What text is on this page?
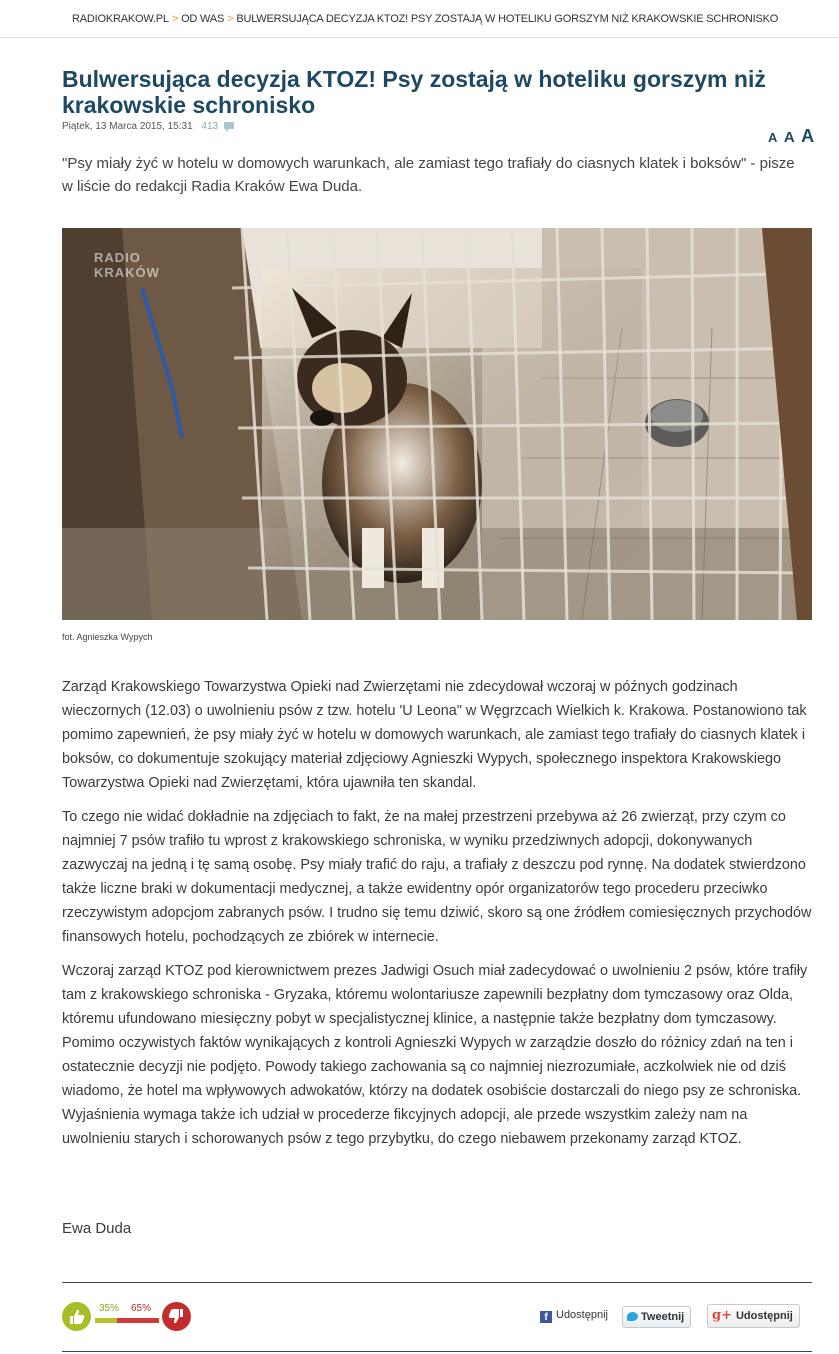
RADIOKRAKOW.PL > OD WAS > BULWERSUJĄCA DECYZJA KTOZ! PSY ZOSTAJĄ W HOTELIKU GORSZYM NIŻ KRAKOWSKIE SCHRONISKO
Bulwersująca decyzja KTOZ! Psy zostają w hoteliku gorszym niż krakowskie schronisko
Piątek, 13 Marca 2015, 15:31 413
A A A

"Psy miały żyć w hotelu w domowych warunkach, ale zamiast tego trafiały do ciasnych klatek i boksów" - pisze w liście do redakcji Radia Kraków Ewa Duda.

RADIO
KRAKÓW
fot. Agnieszka Wypych

Zarząd Krakowskiego Towarzystwa Opieki nad Zwierzętami nie zdecydował wczoraj w późnych godzinach wieczornych (12.03) o uwolnieniu psów z tzw. hotelu 'U Leona" w Węgrzcach Wielkich k. Krakowa. Postanowiono tak pomimo zapewnień, że psy miały żyć w hotelu w domowych warunkach, ale zamiast tego trafiały do ciasnych klatek i boksów, co dokumentuje szokujący materiał zdjęciowy Agnieszki Wypych, społecznego inspektora Krakowskiego Towarzystwa Opieki nad Zwierzętami, która ujawniła ten skandal.

To czego nie widać dokładnie na zdjęciach to fakt, że na małej przestrzeni przebywa aż 26 zwierząt, przy czym co najmniej 7 psów trafiło tu wprost z krakowskiego schroniska, w wyniku przedziwnych adopcji, dokonywanych zazwyczaj na jedną i tę samą osobę. Psy miały trafić do raju, a trafiały z deszczu pod rynnę. Na dodatek stwierdzono także liczne braki w dokumentacji medycznej, a także ewidentny opór organizatorów tego procederu przeciwko rzeczywistym adopcjom zabranych psów. I trudno się temu dziwić, skoro są one źródłem comiesięcznych przychodów finansowych hotelu, pochodzących ze zbiórek w internecie.

Wczoraj zarząd KTOZ pod kierownictwem prezes Jadwigi Osuch miał zadecydować o uwolnieniu 2 psów, które trafiły tam z krakowskiego schroniska - Gryzaka, któremu wolontariusze zapewnili bezpłatny dom tymczasowy oraz Olda, któremu ufundowano miesięczny pobyt w specjalistycznej klinice, a następnie także bezpłatny dom tymczasowy. Pomimo oczywistych faktów wynikających z kontroli Agnieszki Wypych w zarządzie doszło do różnicy zdań na ten i ostatecznie decyzji nie podjęto. Powody takiego zachowania są co najmniej niezrozumiałe, aczkolwiek nie od dziś wiadomo, że hotel ma wpływowych adwokatów, którzy na dodatek osobiście dostarczali do niego psy ze schroniska. Wyjaśnienia wymaga także ich udział w procederze fikcyjnych adopcji, ale przede wszystkim zależy nam na uwolnieniu starych i schorowanych psów z tego przybytku, do czego niebawem przekonamy zarząd KTOZ.

Ewa Duda
35% 65%
f Udostępnij	Tweetnij	g+ Udostępnij
